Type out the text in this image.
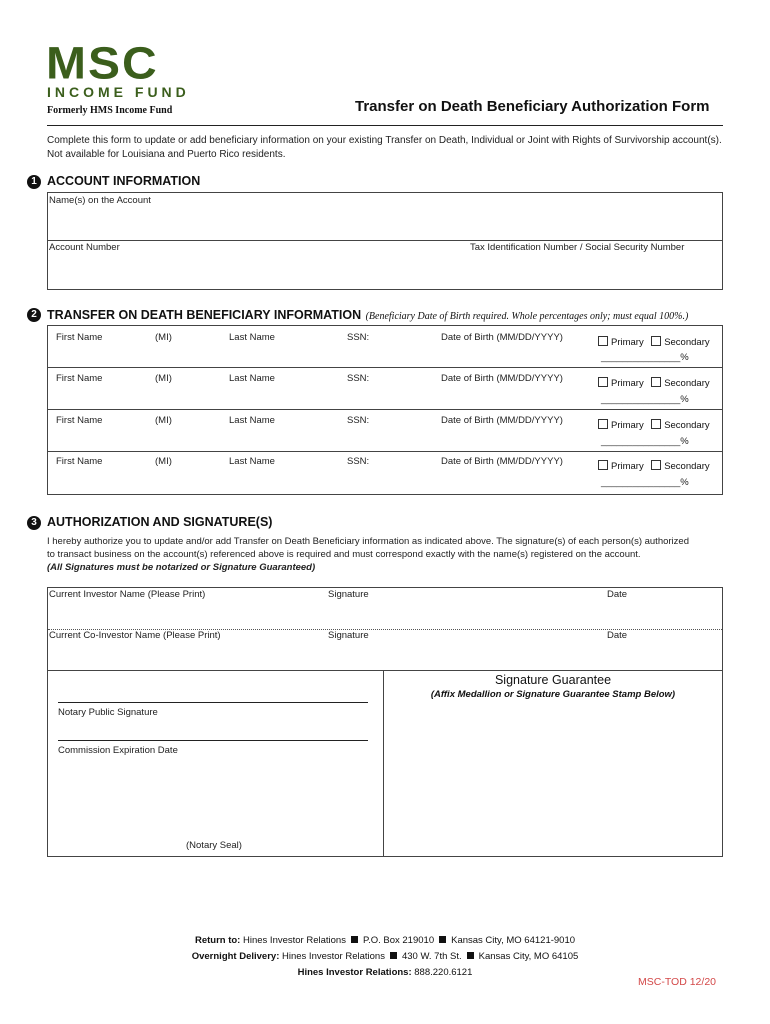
MSC
INCOME FUND
Formerly HMS Income Fund	Transfer on Death Beneficiary Authorization Form
Complete this form to update or add beneficiary information on your existing Transfer on Death, Individual or Joint with Rights of Survivorship account(s).
Not available for Louisiana and Puerto Rico residents.
1 ACCOUNT INFORMATION
Name(s) on the Account
Account Number	Tax Identification Number / Social Security Number
2 TRANSFER ON DEATH BENEFICIARY INFORMATION (Beneficiary Date of Birth required. Whole percentages only; must equal 100%.)
First Name	(MI)	Last Name	SSN:	Date of Birth (MM/DD/YYYY)	Primary Secondary
_______________%
First Name	(MI)	Last Name	SSN:	Date of Birth (MM/DD/YYYY)	Primary Secondary
_______________%
First Name	(MI)	Last Name	SSN:	Date of Birth (MM/DD/YYYY)	Primary Secondary
_______________%
First Name	(MI)	Last Name	SSN:	Date of Birth (MM/DD/YYYY)	Primary Secondary
_______________%
3 AUTHORIZATION AND SIGNATURE(S)
I hereby authorize you to update and/or add Transfer on Death Beneficiary information as indicated above. The signature(s) of each person(s) authorized
to transact business on the account(s) referenced above is required and must correspond exactly with the name(s) registered on the account.
(All Signatures must be notarized or Signature Guaranteed)
Current Investor Name (Please Print)	Signature	Date
Current Co-Investor Name (Please Print)	Signature	Date
Notary Public Signature
Commission Expiration Date
(Notary Seal)
Signature Guarantee
(Affix Medallion or Signature Guarantee Stamp Below)
Return to: Hines Investor Relations P.O. Box 219010 Kansas City, MO 64121-9010
Overnight Delivery: Hines Investor Relations 430 W. 7th St. Kansas City, MO 64105
Hines Investor Relations: 888.220.6121
MSC-TOD 12/20
